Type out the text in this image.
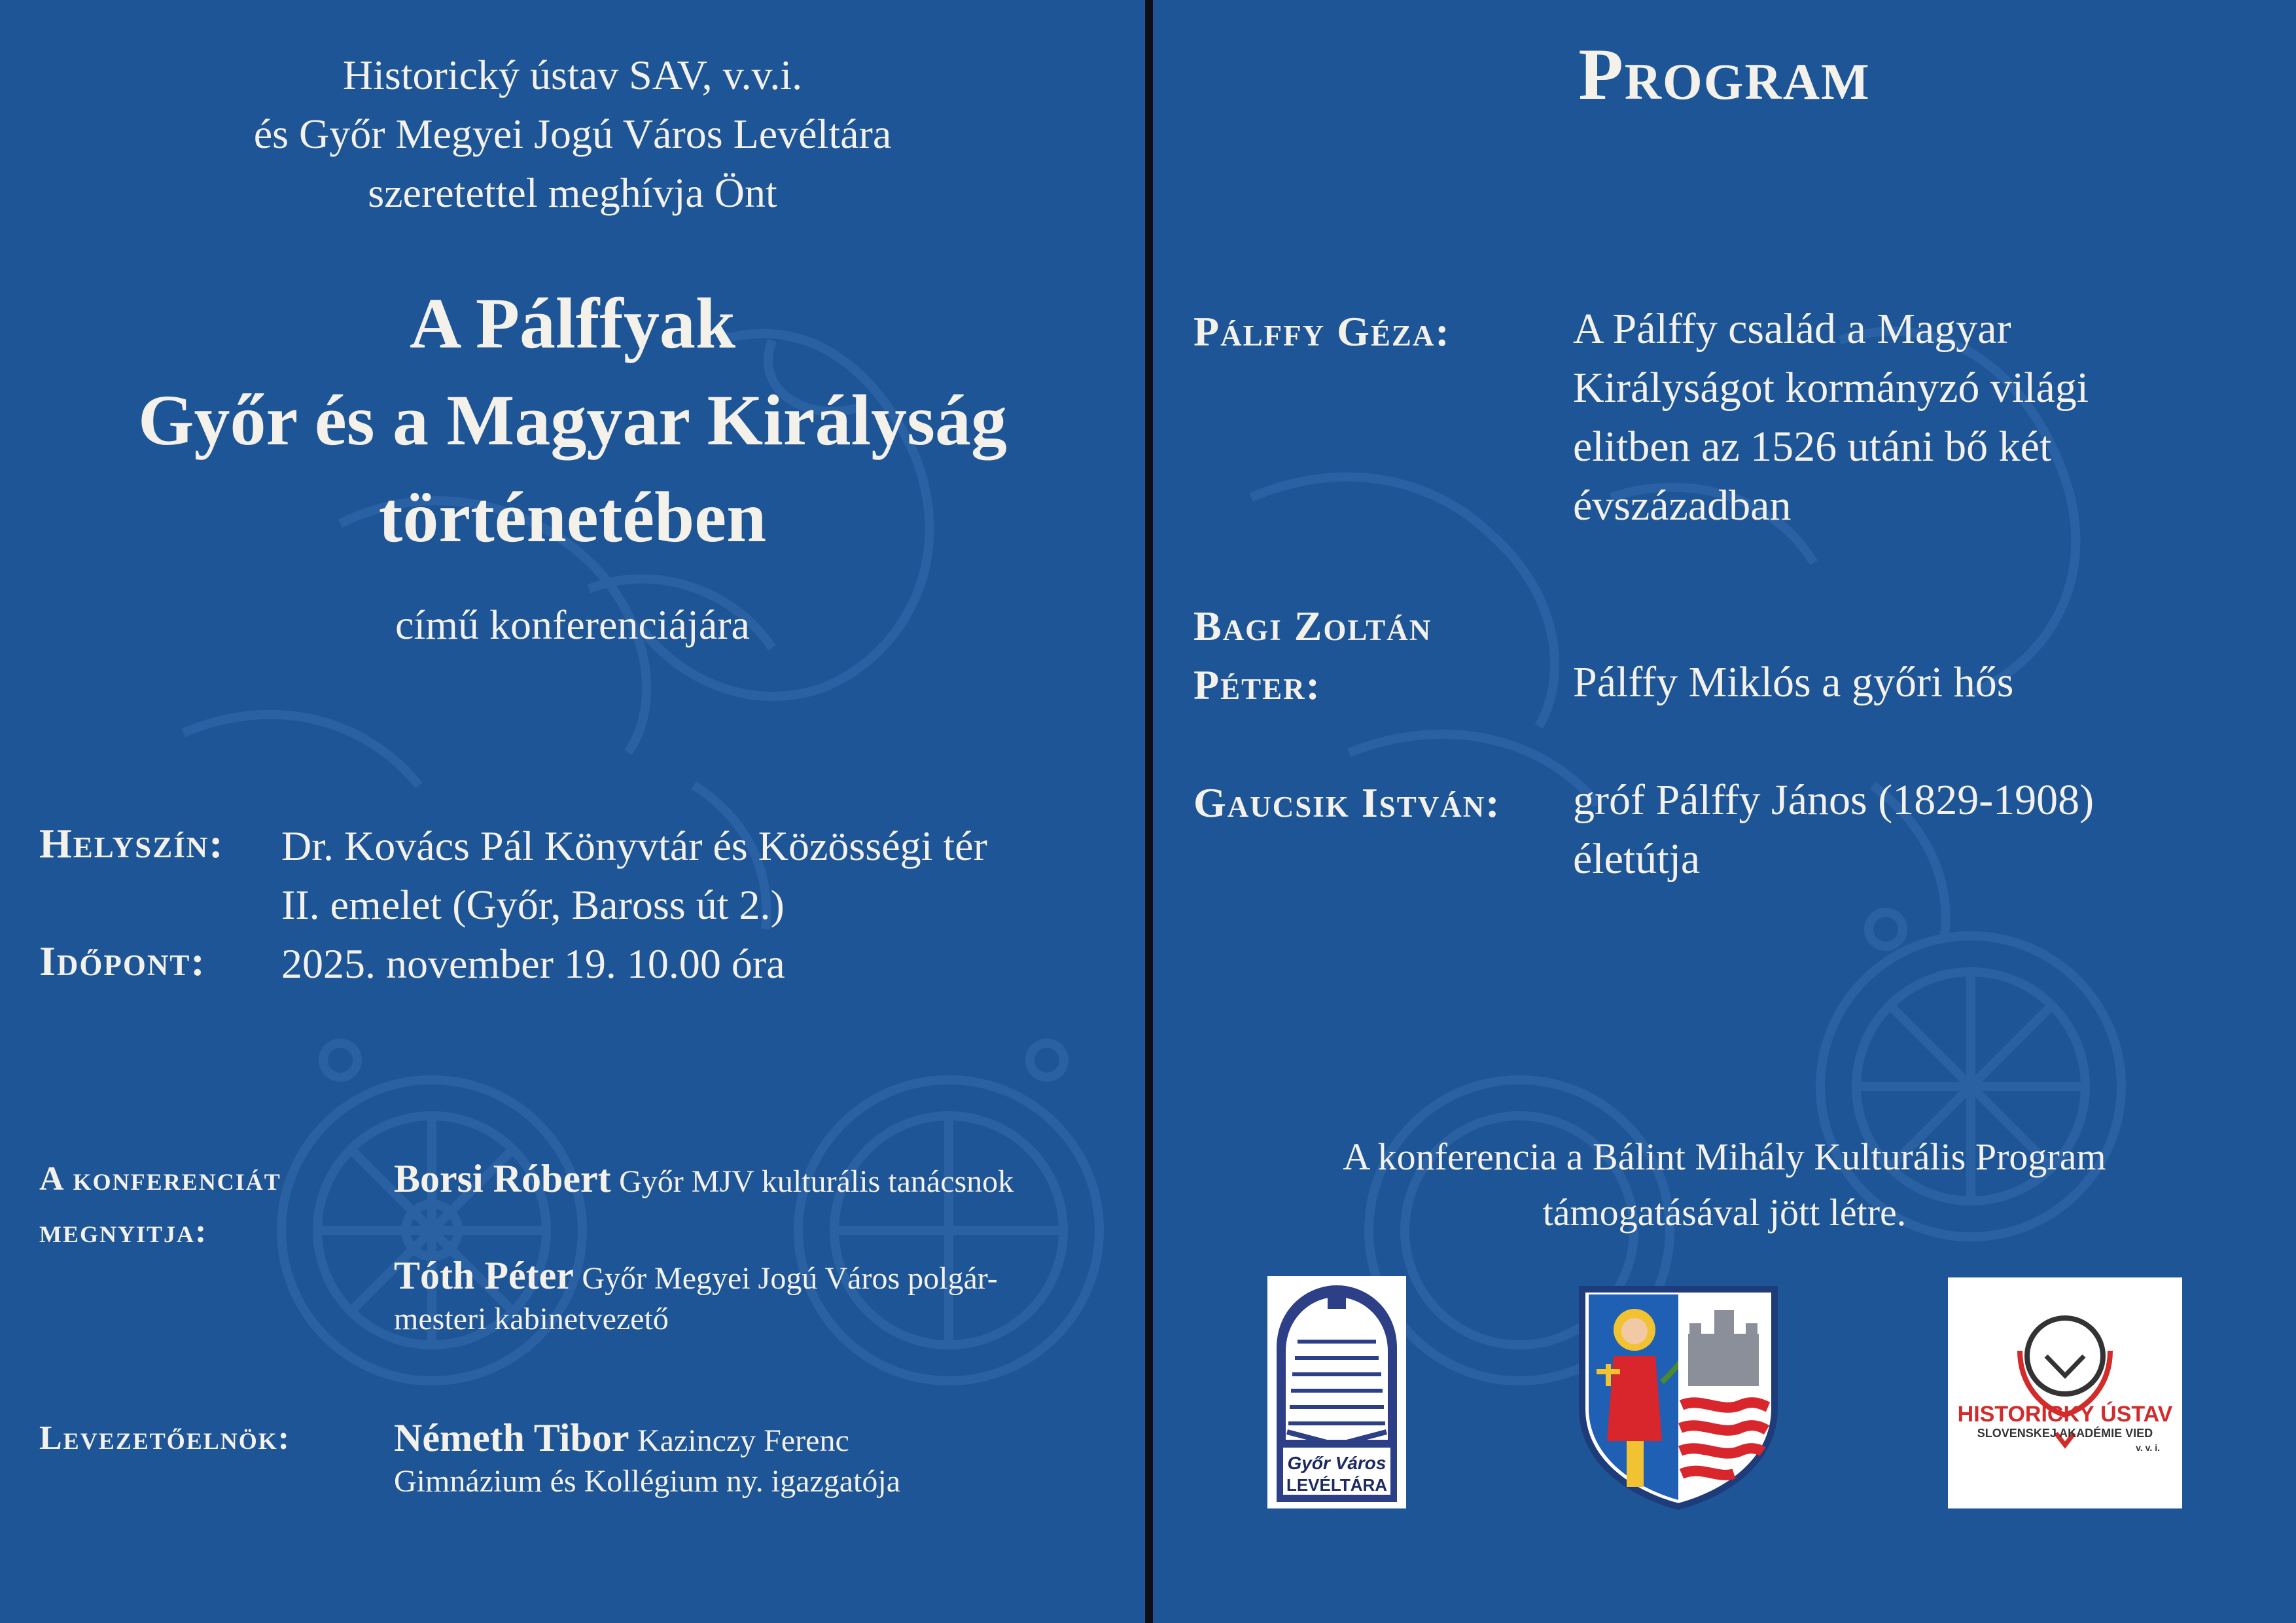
Historický ústav SAV, v.v.i.
és Győr Megyei Jogú Város Levéltára
szeretettel meghívja Önt
A Pálffyak
Győr és a Magyar Királyság
történetében
című konferenciájára
Helyszín: Dr. Kovács Pál Könyvtár és Közösségi tér
II. emelet (Győr, Baross út 2.)
Időpont: 2025. november 19. 10.00 óra
A konferenciát
megnyitja:
Borsi Róbert Győr MJV kulturális tanácsnok
Tóth Péter Győr Megyei Jogú Város polgár-
mesteri kabinetvezető
Levezetőelnök:	Németh Tibor Kazinczy Ferenc
Gimnázium és Kollégium ny. igazgatója
Program
Pálffy Géza:	A Pálffy család a Magyar
Királyságot kormányzó világi
elitben az 1526 utáni bő két
évszázadban
Bagi Zoltán
Péter:	Pálffy Miklós a győri hős
Gaucsik István: gróf Pálffy János (1829-1908)
életútja
A konferencia a Bálint Mihály Kulturális Program
támogatásával jött létre.
Győr Város
LEVÉLTÁRA
HISTORICKÝ ÚSTAV
SLOVENSKEJ AKADÉMIE VIED
v. v. i.
